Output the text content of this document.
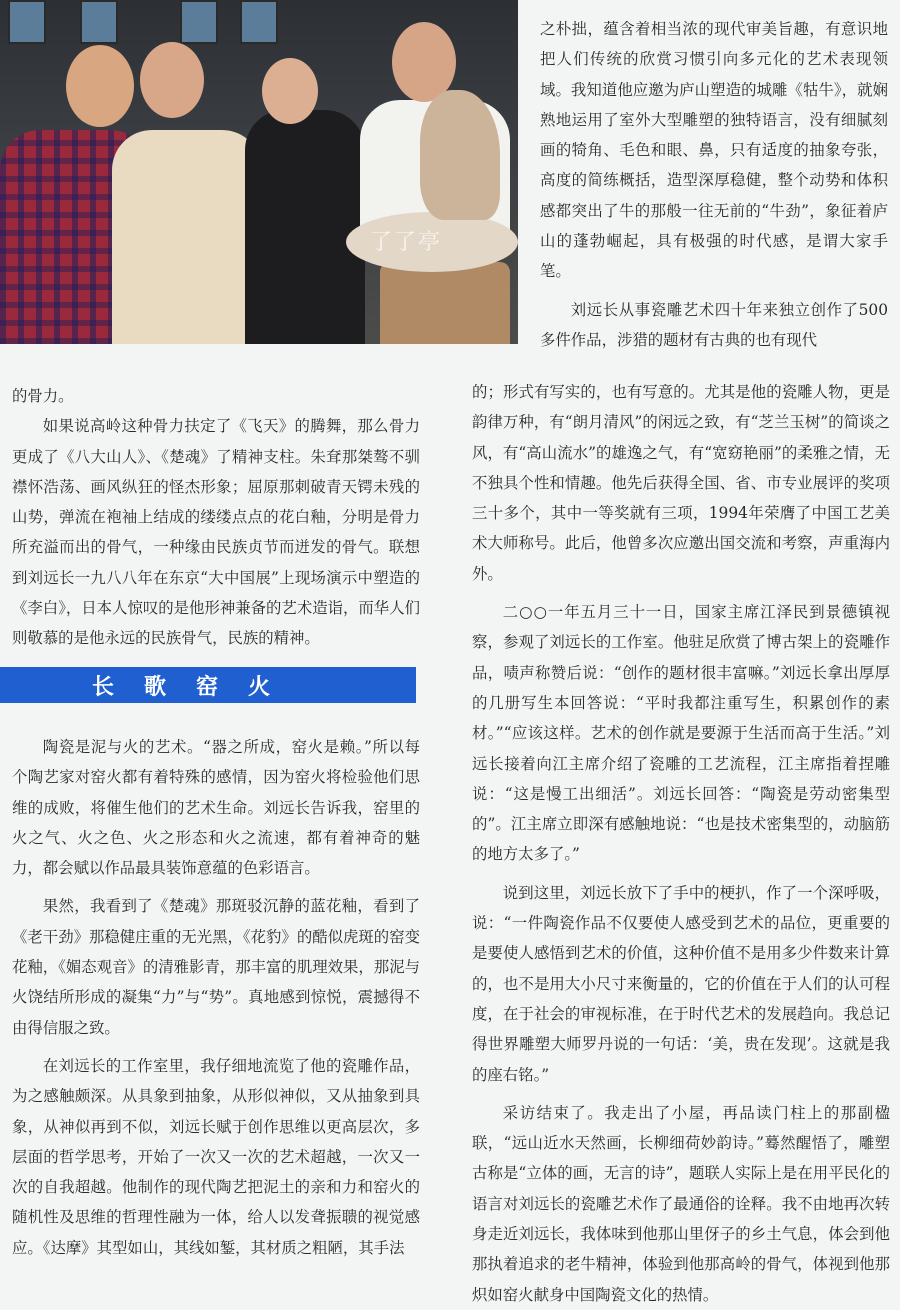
了了亭

之朴拙，蕴含着相当浓的现代审美旨趣，有意识地把人们传统的欣赏习惯引向多元化的艺术表现领域。我知道他应邀为庐山塑造的城雕《牯牛》，就娴熟地运用了室外大型雕塑的独特语言，没有细腻刻画的犄角、毛色和眼、鼻，只有适度的抽象夸张，高度的简练概括，造型深厚稳健，整个动势和体积感都突出了牛的那般一往无前的“牛劲”，象征着庐山的蓬勃崛起，具有极强的时代感，是谓大家手笔。

刘远长从事瓷雕艺术四十年来独立创作了500多件作品，涉猎的题材有古典的也有现代

的骨力。

如果说高岭这种骨力扶定了《飞天》的腾舞，那么骨力更成了《八大山人》、《楚魂》了精神支柱。朱耷那桀骜不驯襟怀浩荡、画风纵狂的怪杰形象；屈原那刺破青天锷未残的山势，弹流在袍袖上结成的缕缕点点的花白釉，分明是骨力所充溢而出的骨气，一种缘由民族贞节而迸发的骨气。联想到刘远长一九八八年在东京“大中国展”上现场演示中塑造的《李白》，日本人惊叹的是他形神兼备的艺术造诣，而华人们则敬慕的是他永远的民族骨气，民族的精神。

长歌窑火

陶瓷是泥与火的艺术。“器之所成，窑火是赖。”所以每个陶艺家对窑火都有着特殊的感情，因为窑火将检验他们思维的成败，将催生他们的艺术生命。刘远长告诉我，窑里的火之气、火之色、火之形态和火之流速，都有着神奇的魅力，都会赋以作品最具装饰意蕴的色彩语言。

果然，我看到了《楚魂》那斑驳沉静的蓝花釉，看到了《老干劲》那稳健庄重的无光黑，《花豹》的酷似虎斑的窑变花釉，《媚态观音》的清雅影青，那丰富的肌理效果，那泥与火饶结所形成的凝集“力”与“势”。真地感到惊悦，震撼得不由得信服之致。

在刘远长的工作室里，我仔细地流览了他的瓷雕作品，为之感触颇深。从具象到抽象，从形似神似，又从抽象到具象，从神似再到不似，刘远长赋于创作思维以更高层次，多层面的哲学思考，开始了一次又一次的艺术超越，一次又一次的自我超越。他制作的现代陶艺把泥土的亲和力和窑火的随机性及思维的哲理性融为一体，给人以发聋振聩的视觉感应。《达摩》其型如山，其线如錾，其材质之粗陋，其手法

的；形式有写实的，也有写意的。尤其是他的瓷雕人物，更是韵律万种，有“朗月清风”的闲远之致，有“芝兰玉树”的简谈之风，有“高山流水”的雄逸之气，有“宽窈艳丽”的柔雅之情，无不独具个性和情趣。他先后获得全国、省、市专业展评的奖项三十多个，其中一等奖就有三项，1994年荣膺了中国工艺美术大师称号。此后，他曾多次应邀出国交流和考察，声重海内外。

二○○一年五月三十一日，国家主席江泽民到景德镇视察，参观了刘远长的工作室。他驻足欣赏了博古架上的瓷雕作品，啧声称赞后说：“创作的题材很丰富嘛。”刘远长拿出厚厚的几册写生本回答说：“平时我都注重写生，积累创作的素材。”“应该这样。艺术的创作就是要源于生活而高于生活。”刘远长接着向江主席介绍了瓷雕的工艺流程，江主席指着捏雕说：“这是慢工出细活”。刘远长回答：“陶瓷是劳动密集型的”。江主席立即深有感触地说：“也是技术密集型的，动脑筋的地方太多了。”

说到这里，刘远长放下了手中的梗扒，作了一个深呼吸，说：“一件陶瓷作品不仅要使人感受到艺术的品位，更重要的是要使人感悟到艺术的价值，这种价值不是用多少件数来计算的，也不是用大小尺寸来衡量的，它的价值在于人们的认可程度，在于社会的审视标准，在于时代艺术的发展趋向。我总记得世界雕塑大师罗丹说的一句话：‘美，贵在发现’。这就是我的座右铭。”

采访结束了。我走出了小屋，再品读门柱上的那副楹联，“远山近水天然画，长柳细荷妙韵诗。”蓦然醒悟了，雕塑古称是“立体的画，无言的诗”，题联人实际上是在用平民化的语言对刘远长的瓷雕艺术作了最通俗的诠释。我不由地再次转身走近刘远长，我体味到他那山里伢子的乡土气息，体会到他那执着追求的老牛精神，体验到他那高岭的骨气，体视到他那炽如窑火献身中国陶瓷文化的热情。
